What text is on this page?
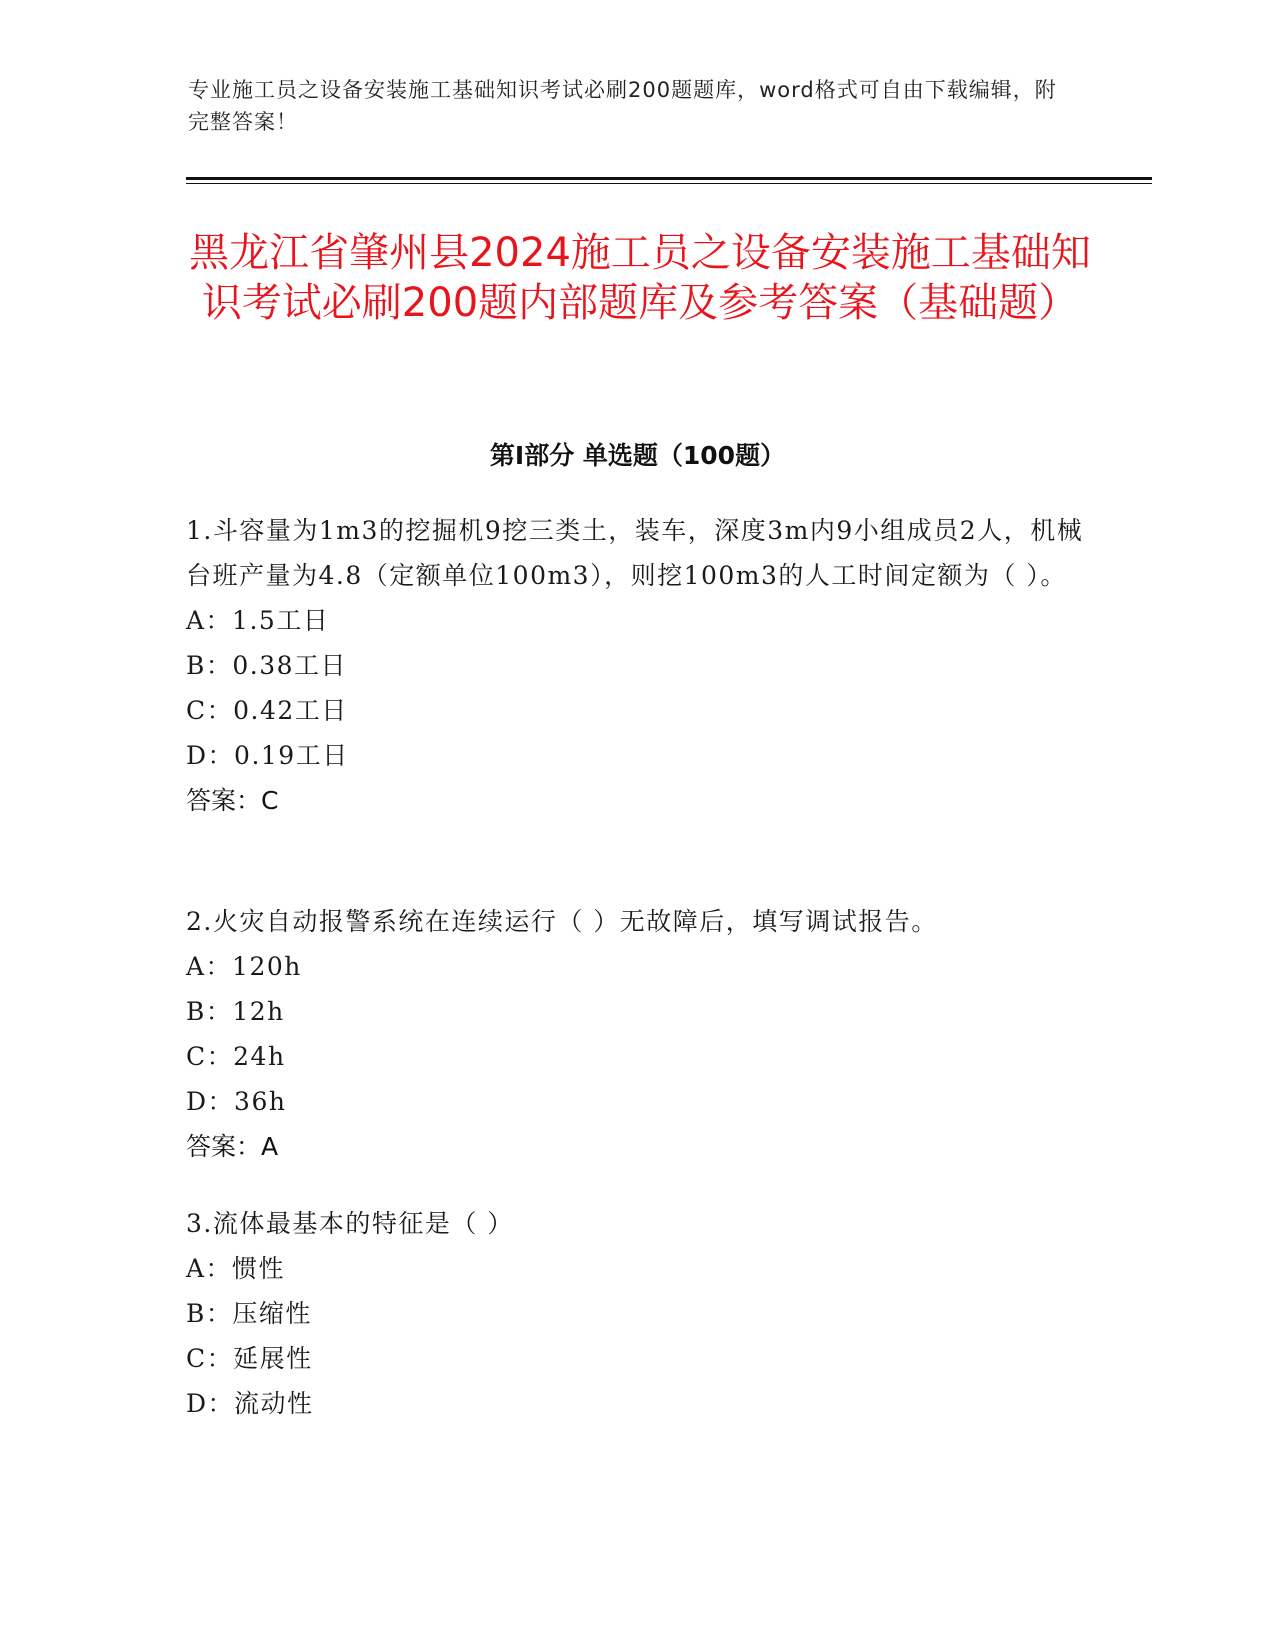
专业施工员之设备安装施工基础知识考试必刷200题题库，word格式可自由下载编辑，附完整答案！
黑龙江省肇州县2024施工员之设备安装施工基础知识考试必刷200题内部题库及参考答案（基础题）
第Ⅰ部分 单选题（100题）

1.斗容量为1m3的挖掘机9挖三类土，装车，深度3m内9小组成员2人，机械台班产量为4.8（定额单位100m3），则挖100m3的人工时间定额为（ ）。

A：1.5工日

B：0.38工日

C：0.42工日

D：0.19工日

答案：C

2.火灾自动报警系统在连续运行（ ）无故障后，填写调试报告。

A：120h

B：12h

C：24h

D：36h

答案：A

3.流体最基本的特征是（ ）

A：惯性

B：压缩性

C：延展性

D：流动性
